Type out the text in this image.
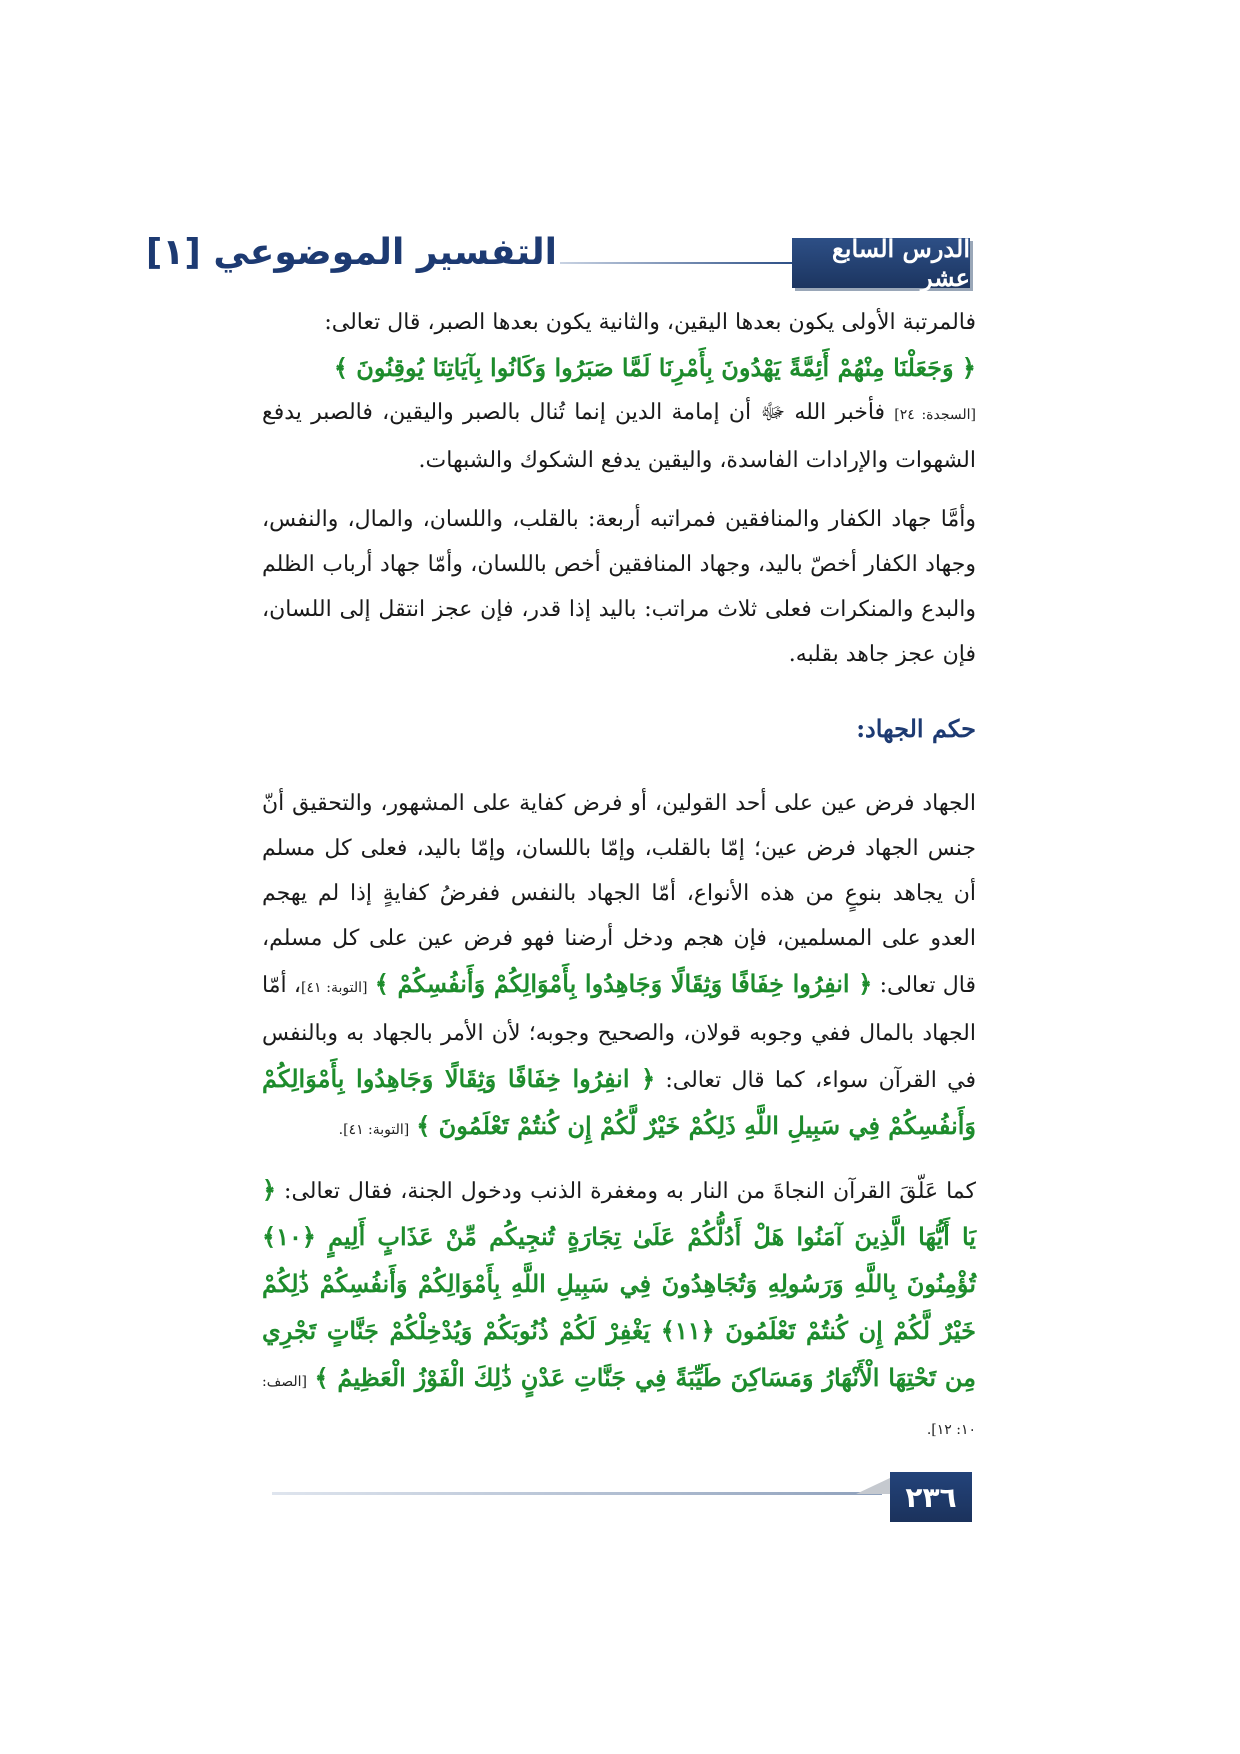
الدرس السابع عشر
التفسير الموضوعي [١]

فالمرتبة الأولى يكون بعدها اليقين، والثانية يكون بعدها الصبر، قال تعالى:
﴿ وَجَعَلْنَا مِنْهُمْ أَئِمَّةً يَهْدُونَ بِأَمْرِنَا لَمَّا صَبَرُوا وَكَانُوا بِآيَاتِنَا يُوقِنُونَ ﴾
[السجدة: ٢٤] فأخبر الله ﷻ أن إمامة الدين إنما تُنال بالصبر واليقين، فالصبر يدفع الشهوات والإرادات الفاسدة، واليقين يدفع الشكوك والشبهات.

وأمَّا جهاد الكفار والمنافقين فمراتبه أربعة: بالقلب، واللسان، والمال، والنفس، وجهاد الكفار أخصّ باليد، وجهاد المنافقين أخص باللسان، وأمّا جهاد أرباب الظلم والبدع والمنكرات فعلى ثلاث مراتب: باليد إذا قدر، فإن عجز انتقل إلى اللسان، فإن عجز جاهد بقلبه.

حكم الجهاد:

الجهاد فرض عين على أحد القولين، أو فرض كفاية على المشهور، والتحقيق أنّ جنس الجهاد فرض عين؛ إمّا بالقلب، وإمّا باللسان، وإمّا باليد، فعلى كل مسلم أن يجاهد بنوعٍ من هذه الأنواع، أمّا الجهاد بالنفس ففرضُ كفايةٍ إذا لم يهجم العدو على المسلمين، فإن هجم ودخل أرضنا فهو فرض عين على كل مسلم، قال تعالى: ﴿ انفِرُوا خِفَافًا وَثِقَالًا وَجَاهِدُوا بِأَمْوَالِكُمْ وَأَنفُسِكُمْ ﴾ [التوبة: ٤١]، أمّا الجهاد بالمال ففي وجوبه قولان، والصحيح وجوبه؛ لأن الأمر بالجهاد به وبالنفس في القرآن سواء، كما قال تعالى: ﴿ انفِرُوا خِفَافًا وَثِقَالًا وَجَاهِدُوا بِأَمْوَالِكُمْ وَأَنفُسِكُمْ فِي سَبِيلِ اللَّهِ ذَلِكُمْ خَيْرٌ لَّكُمْ إِن كُنتُمْ تَعْلَمُونَ ﴾ [التوبة: ٤١].

كما عَلّقَ القرآن النجاةَ من النار به ومغفرة الذنب ودخول الجنة، فقال تعالى: ﴿ يَا أَيُّهَا الَّذِينَ آمَنُوا هَلْ أَدُلُّكُمْ عَلَىٰ تِجَارَةٍ تُنجِيكُم مِّنْ عَذَابٍ أَلِيمٍ ﴿١٠﴾ تُؤْمِنُونَ بِاللَّهِ وَرَسُولِهِ وَتُجَاهِدُونَ فِي سَبِيلِ اللَّهِ بِأَمْوَالِكُمْ وَأَنفُسِكُمْ ذَٰلِكُمْ خَيْرٌ لَّكُمْ إِن كُنتُمْ تَعْلَمُونَ ﴿١١﴾ يَغْفِرْ لَكُمْ ذُنُوبَكُمْ وَيُدْخِلْكُمْ جَنَّاتٍ تَجْرِي مِن تَحْتِهَا الْأَنْهَارُ وَمَسَاكِنَ طَيِّبَةً فِي جَنَّاتِ عَدْنٍ ذَٰلِكَ الْفَوْزُ الْعَظِيمُ ﴾ [الصف: ١٠: ١٢].

٢٣٦
